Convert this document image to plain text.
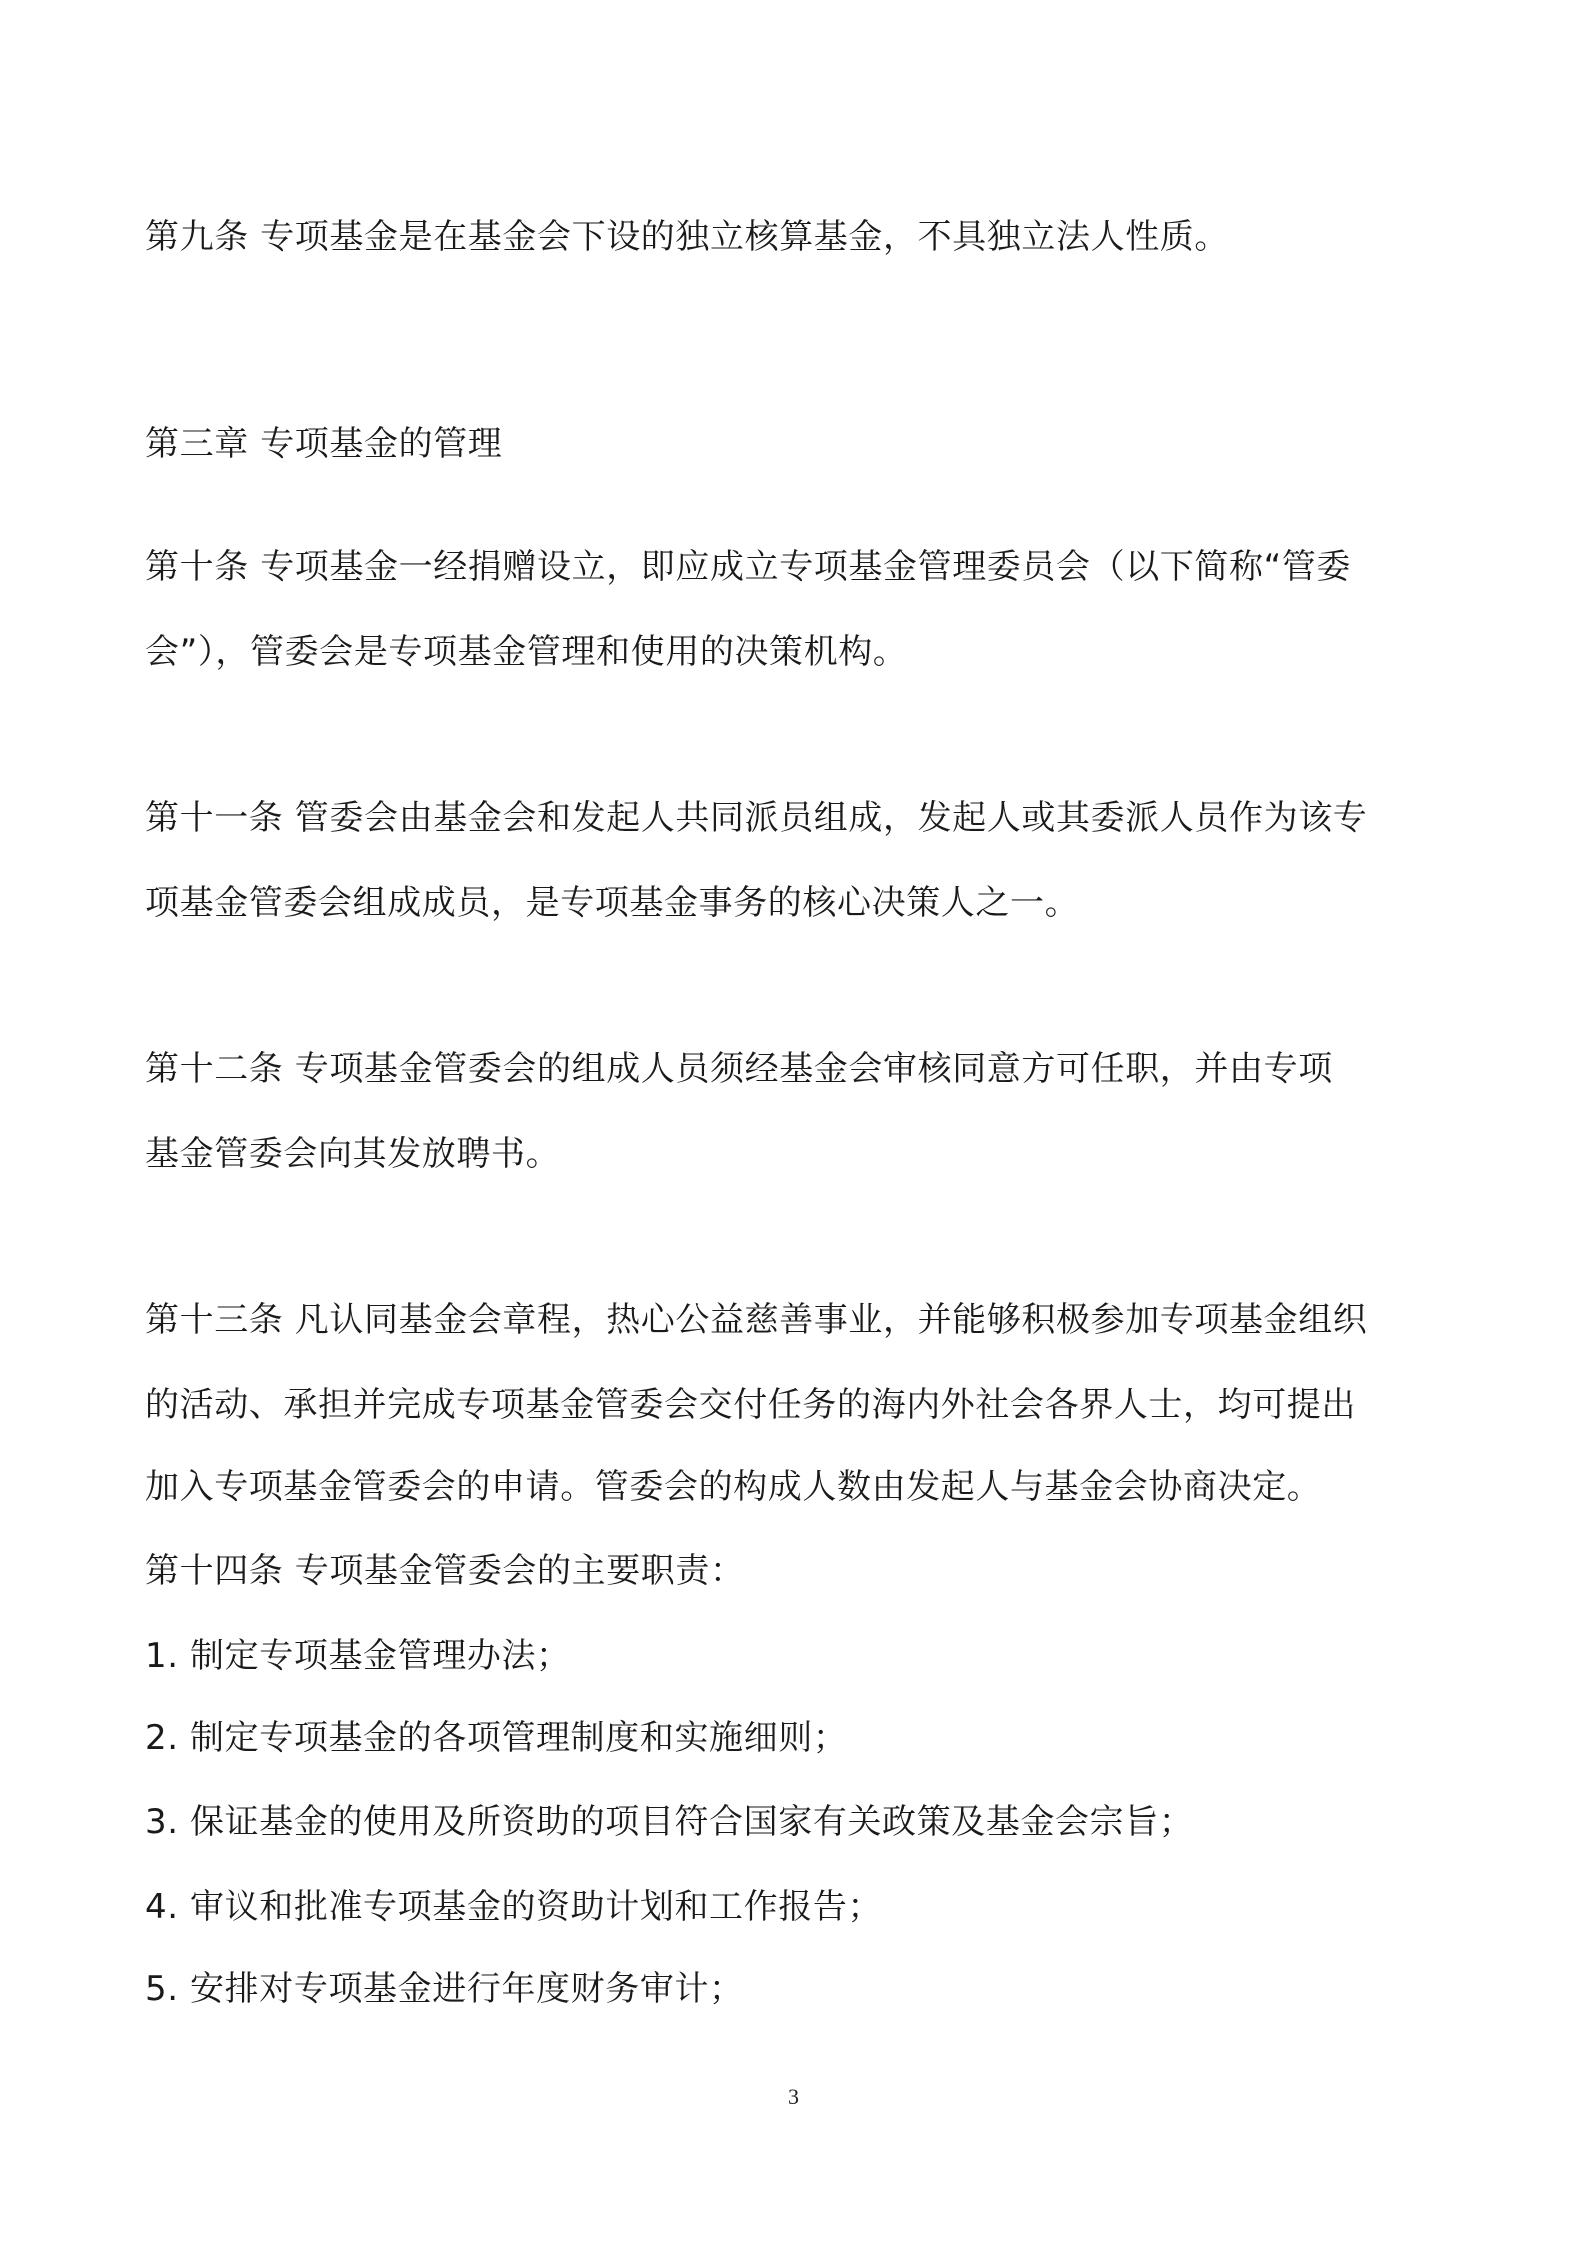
第九条 专项基金是在基金会下设的独立核算基金，不具独立法人性质。
第三章 专项基金的管理
第十条 专项基金一经捐赠设立，即应成立专项基金管理委员会（以下简称“管委
会”），管委会是专项基金管理和使用的决策机构。
第十一条 管委会由基金会和发起人共同派员组成，发起人或其委派人员作为该专
项基金管委会组成成员，是专项基金事务的核心决策人之一。
第十二条 专项基金管委会的组成人员须经基金会审核同意方可任职，并由专项
基金管委会向其发放聘书。
第十三条 凡认同基金会章程，热心公益慈善事业，并能够积极参加专项基金组织
的活动、承担并完成专项基金管委会交付任务的海内外社会各界人士，均可提出
加入专项基金管委会的申请。管委会的构成人数由发起人与基金会协商决定。
第十四条 专项基金管委会的主要职责：
1. 制定专项基金管理办法；
2. 制定专项基金的各项管理制度和实施细则；
3. 保证基金的使用及所资助的项目符合国家有关政策及基金会宗旨；
4. 审议和批准专项基金的资助计划和工作报告；
5. 安排对专项基金进行年度财务审计；
3
